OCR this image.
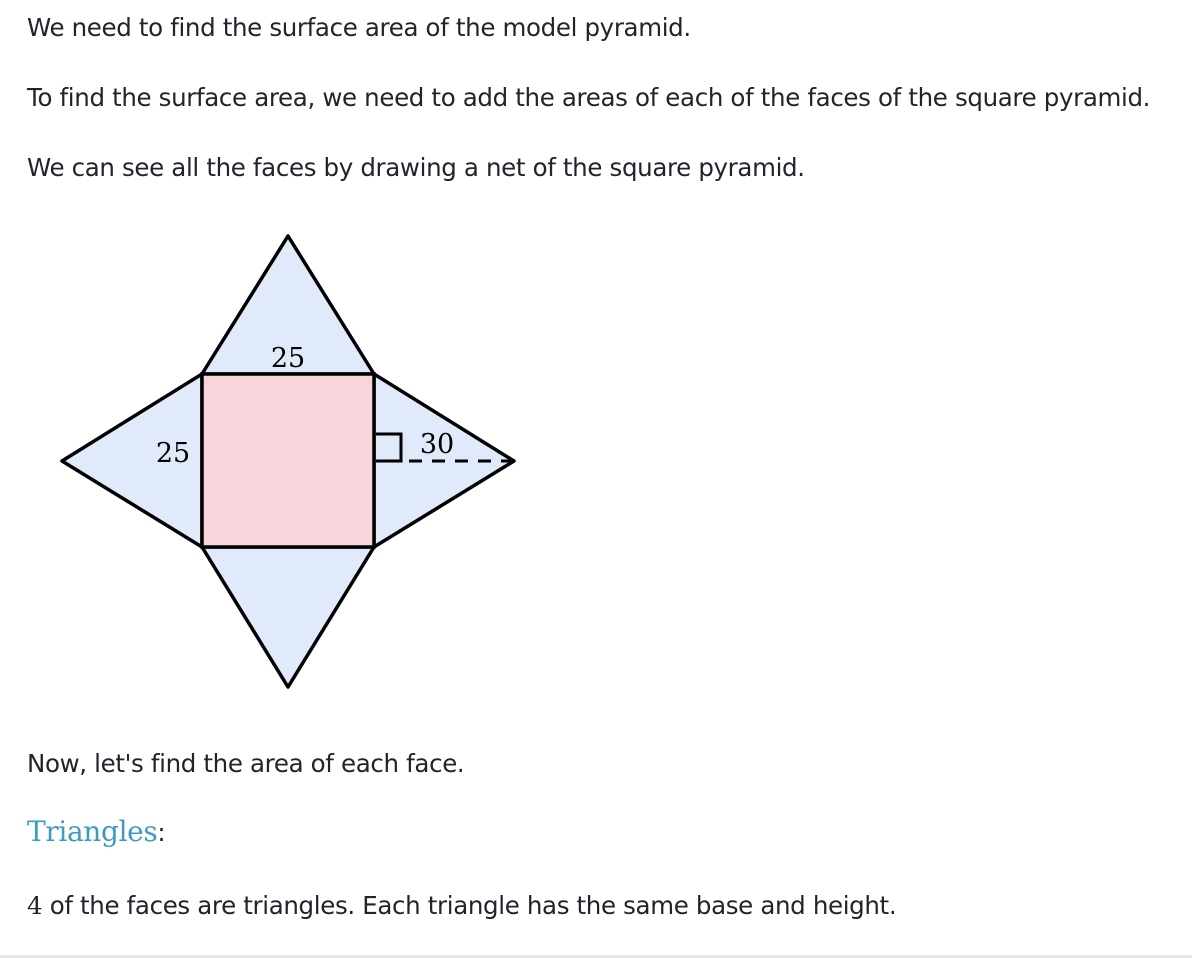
We need to find the surface area of the model pyramid.

To find the surface area, we need to add the areas of each of the faces of the square pyramid.

We can see all the faces by drawing a net of the square pyramid.

25
25	30

Now, let's find the area of each face.

Triangles:

4 of the faces are triangles. Each triangle has the same base and height.
